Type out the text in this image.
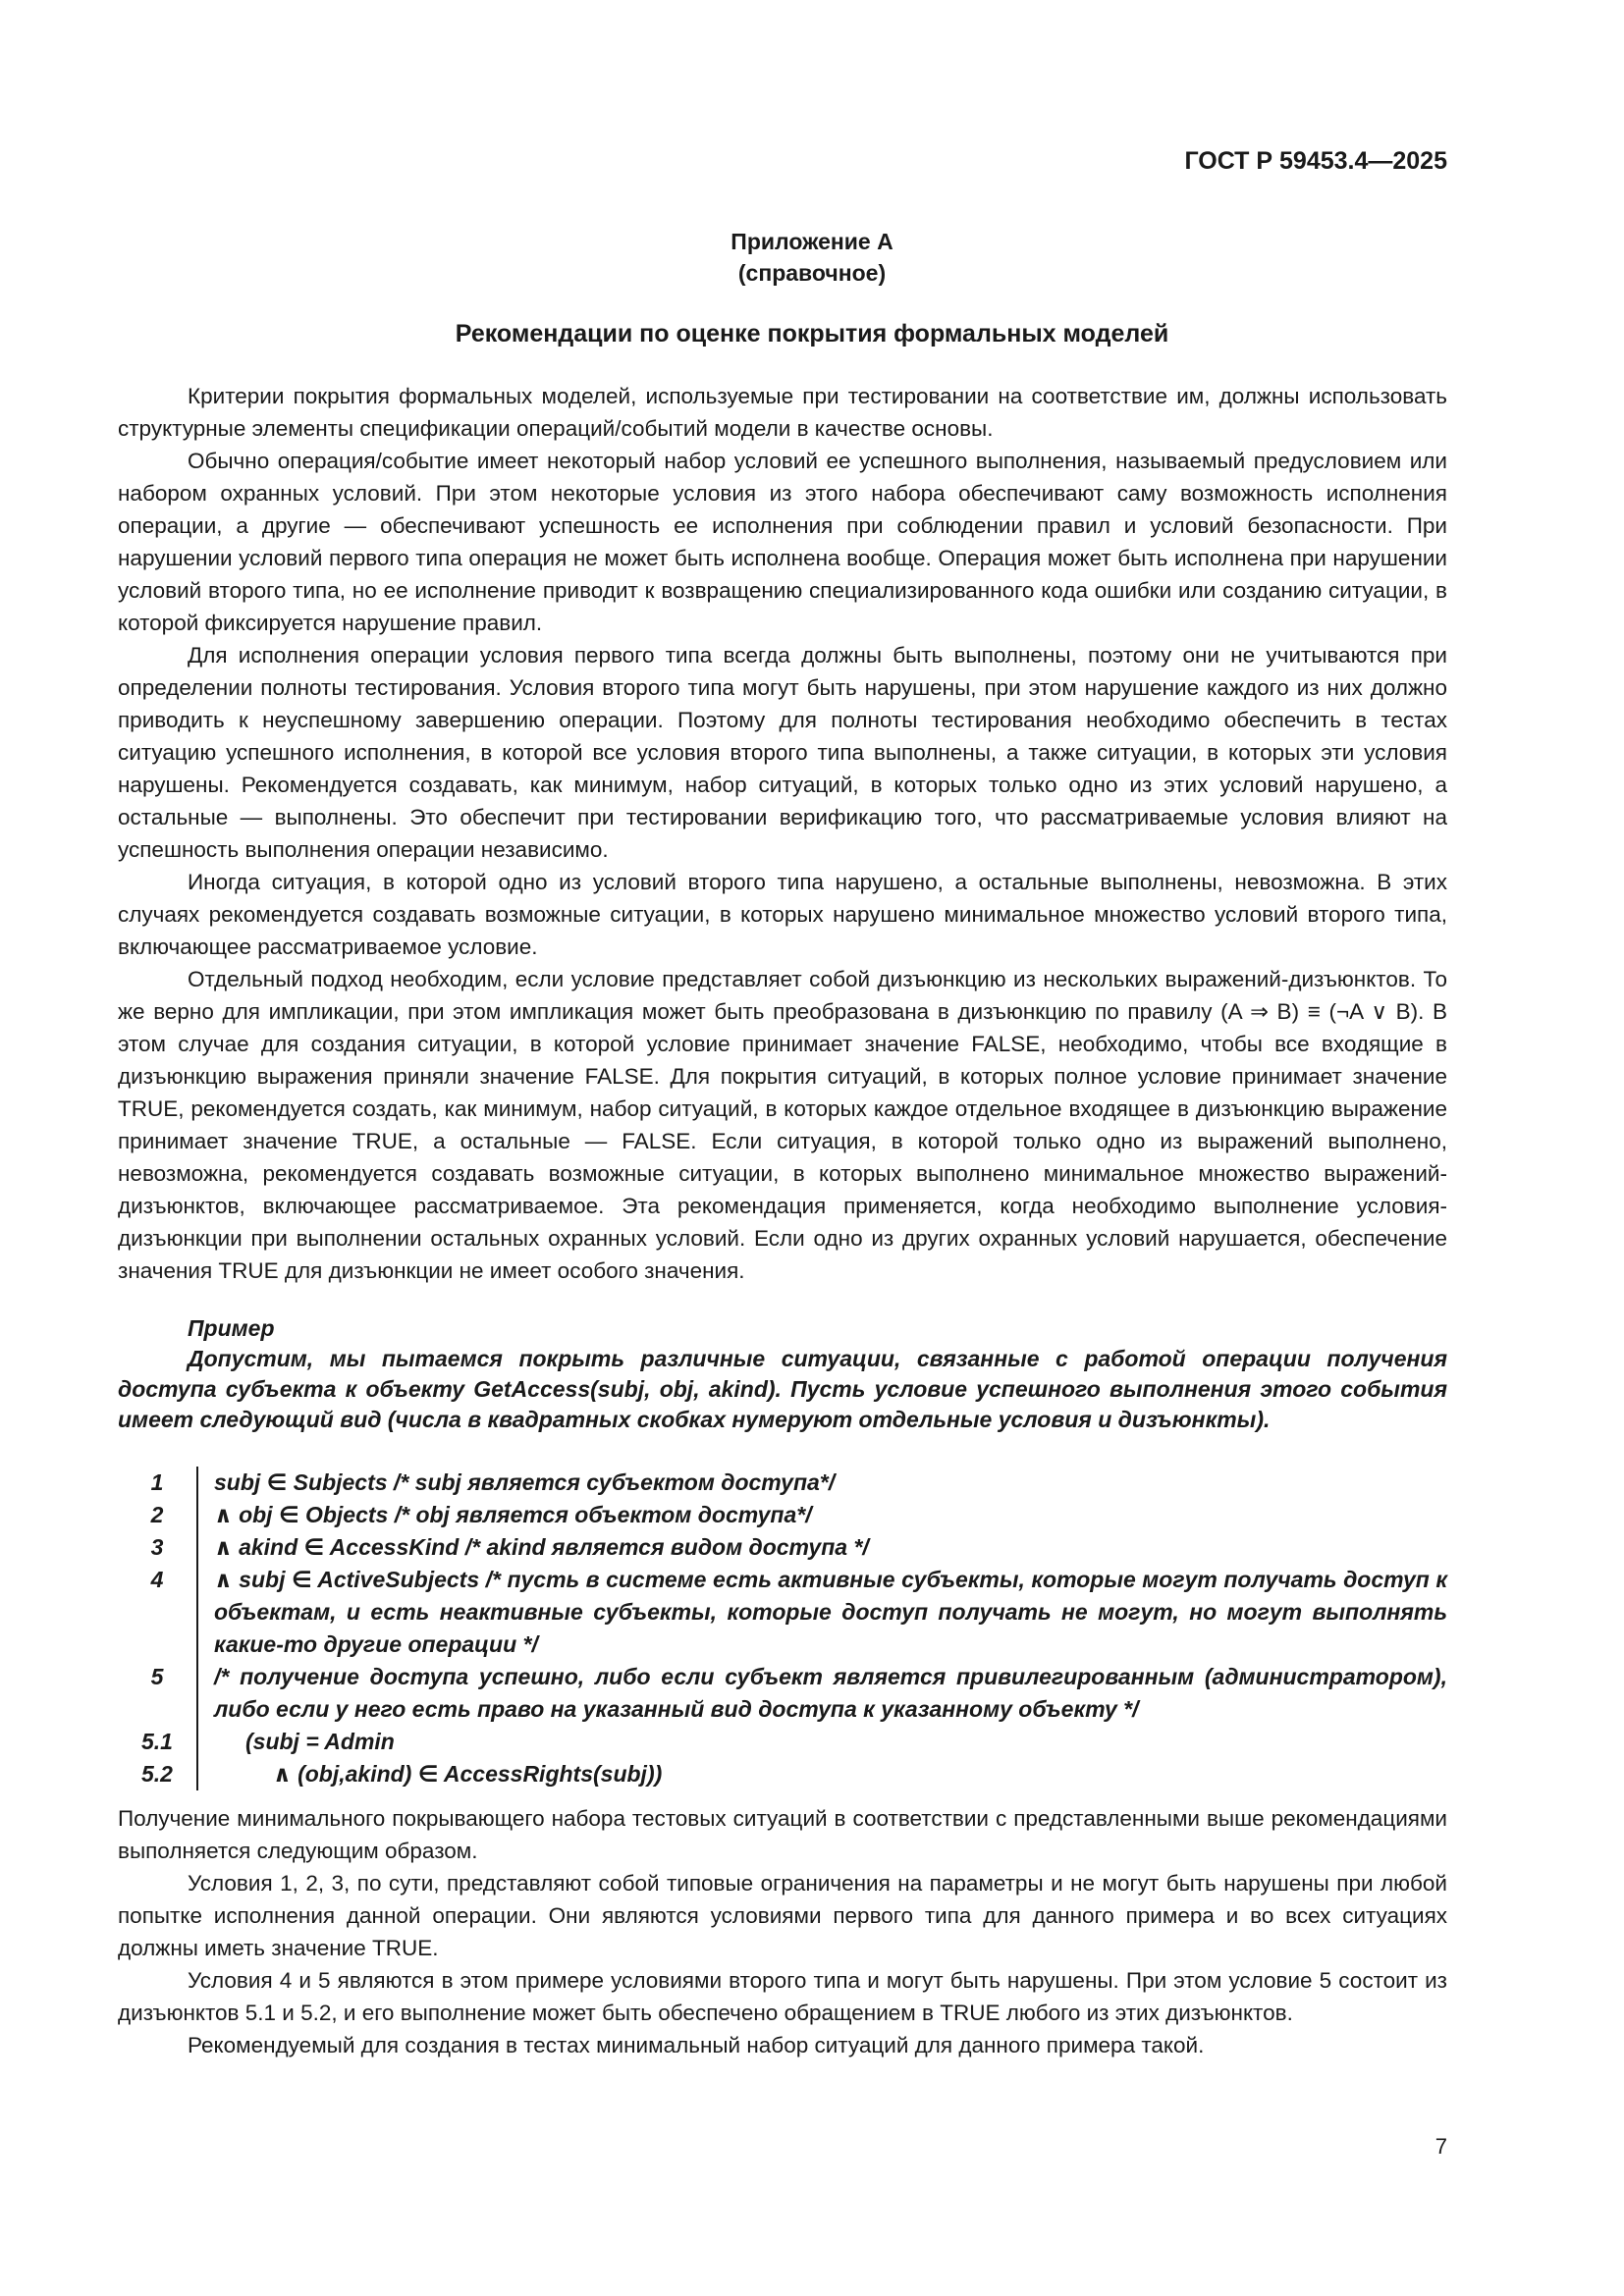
ГОСТ Р 59453.4—2025
Приложение А
(справочное)
Рекомендации по оценке покрытия формальных моделей

Критерии покрытия формальных моделей, используемые при тестировании на соответствие им, должны использовать структурные элементы спецификации операций/событий модели в качестве основы.

Обычно операция/событие имеет некоторый набор условий ее успешного выполнения, называемый предусловием или набором охранных условий. При этом некоторые условия из этого набора обеспечивают саму возможность исполнения операции, а другие — обеспечивают успешность ее исполнения при соблюдении правил и условий безопасности. При нарушении условий первого типа операция не может быть исполнена вообще. Операция может быть исполнена при нарушении условий второго типа, но ее исполнение приводит к возвращению специализированного кода ошибки или созданию ситуации, в которой фиксируется нарушение правил.

Для исполнения операции условия первого типа всегда должны быть выполнены, поэтому они не учитываются при определении полноты тестирования. Условия второго типа могут быть нарушены, при этом нарушение каждого из них должно приводить к неуспешному завершению операции. Поэтому для полноты тестирования необходимо обеспечить в тестах ситуацию успешного исполнения, в которой все условия второго типа выполнены, а также ситуации, в которых эти условия нарушены. Рекомендуется создавать, как минимум, набор ситуаций, в которых только одно из этих условий нарушено, а остальные — выполнены. Это обеспечит при тестировании верификацию того, что рассматриваемые условия влияют на успешность выполнения операции независимо.

Иногда ситуация, в которой одно из условий второго типа нарушено, а остальные выполнены, невозможна. В этих случаях рекомендуется создавать возможные ситуации, в которых нарушено минимальное множество условий второго типа, включающее рассматриваемое условие.

Отдельный подход необходим, если условие представляет собой дизъюнкцию из нескольких выражений-дизъюнктов. То же верно для импликации, при этом импликация может быть преобразована в дизъюнкцию по правилу (A ⇒ B) ≡ (¬A ∨ B). В этом случае для создания ситуации, в которой условие принимает значение FALSE, необходимо, чтобы все входящие в дизъюнкцию выражения приняли значение FALSE. Для покрытия ситуаций, в которых полное условие принимает значение TRUE, рекомендуется создать, как минимум, набор ситуаций, в которых каждое отдельное входящее в дизъюнкцию выражение принимает значение TRUE, а остальные — FALSE. Если ситуация, в которой только одно из выражений выполнено, невозможна, рекомендуется создавать возможные ситуации, в которых выполнено минимальное множество выражений-дизъюнктов, включающее рассматриваемое. Эта рекомендация применяется, когда необходимо выполнение условия-дизъюнкции при выполнении остальных охранных условий. Если одно из других охранных условий нарушается, обеспечение значения TRUE для дизъюнкции не имеет особого значения.

Пример

Допустим, мы пытаемся покрыть различные ситуации, связанные с работой операции получения доступа субъекта к объекту GetAccess(subj, obj, akind). Пусть условие успешного выполнения этого события имеет следующий вид (числа в квадратных скобках нумеруют отдельные условия и дизъюнкты).

1	subj ∈ Subjects /* subj является субъектом доступа*/
2	∧ obj ∈ Objects /* obj является объектом доступа*/
3	∧ akind ∈ AccessKind /* akind является видом доступа */
4	∧ subj ∈ ActiveSubjects /* пусть в системе есть активные субъекты, которые могут получать доступ к объектам, и есть неактивные субъекты, которые доступ получать не могут, но могут выполнять какие-то другие операции */
5	/* получение доступа успешно, либо если субъект является привилегированным (администратором), либо если у него есть право на указанный вид доступа к указанному объекту */
5.1	(subj = Admin
5.2	∧ (obj,akind) ∈ AccessRights(subj))

Получение минимального покрывающего набора тестовых ситуаций в соответствии с представленными выше рекомендациями выполняется следующим образом.

Условия 1, 2, 3, по сути, представляют собой типовые ограничения на параметры и не могут быть нарушены при любой попытке исполнения данной операции. Они являются условиями первого типа для данного примера и во всех ситуациях должны иметь значение TRUE.

Условия 4 и 5 являются в этом примере условиями второго типа и могут быть нарушены. При этом условие 5 состоит из дизъюнктов 5.1 и 5.2, и его выполнение может быть обеспечено обращением в TRUE любого из этих дизъюнктов.

Рекомендуемый для создания в тестах минимальный набор ситуаций для данного примера такой.

7
